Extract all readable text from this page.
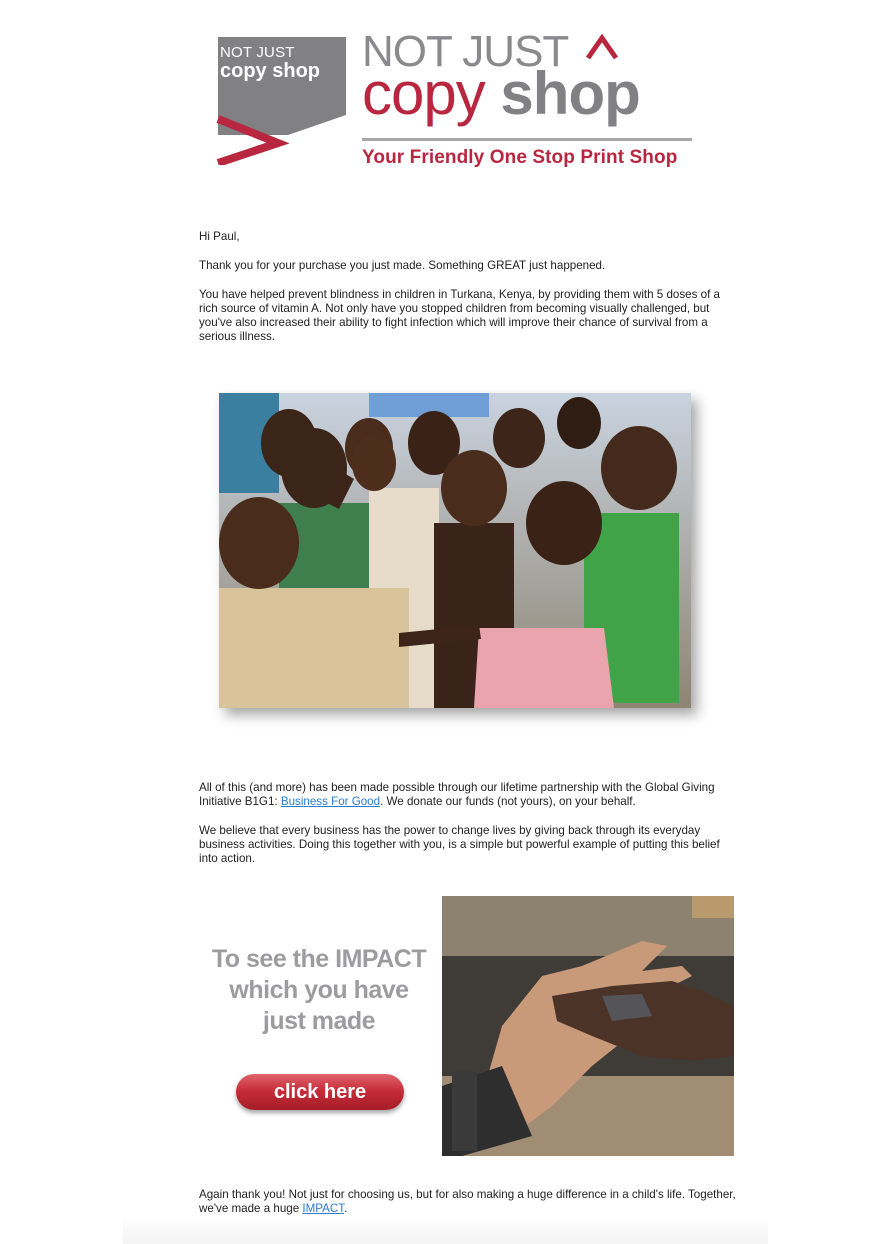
NOT JUST
copy shop NOT JUST
copy shop
Your Friendly One Stop Print Shop

Hi Paul,

Thank you for your purchase you just made. Something GREAT just happened.

You have helped prevent blindness in children in Turkana, Kenya, by providing them with 5 doses of a rich source of vitamin A. Not only have you stopped children from becoming visually challenged, but you've also increased their ability to fight infection which will improve their chance of survival from a serious illness.

All of this (and more) has been made possible through our lifetime partnership with the Global Giving Initiative B1G1: Business For Good. We donate our funds (not yours), on your behalf.

We believe that every business has the power to change lives by giving back through its everyday business activities. Doing this together with you, is a simple but powerful example of putting this belief into action.

To see the IMPACT
which you have
just made
click here

Again thank you! Not just for choosing us, but for also making a huge difference in a child's life. Together, we've made a huge IMPACT.
